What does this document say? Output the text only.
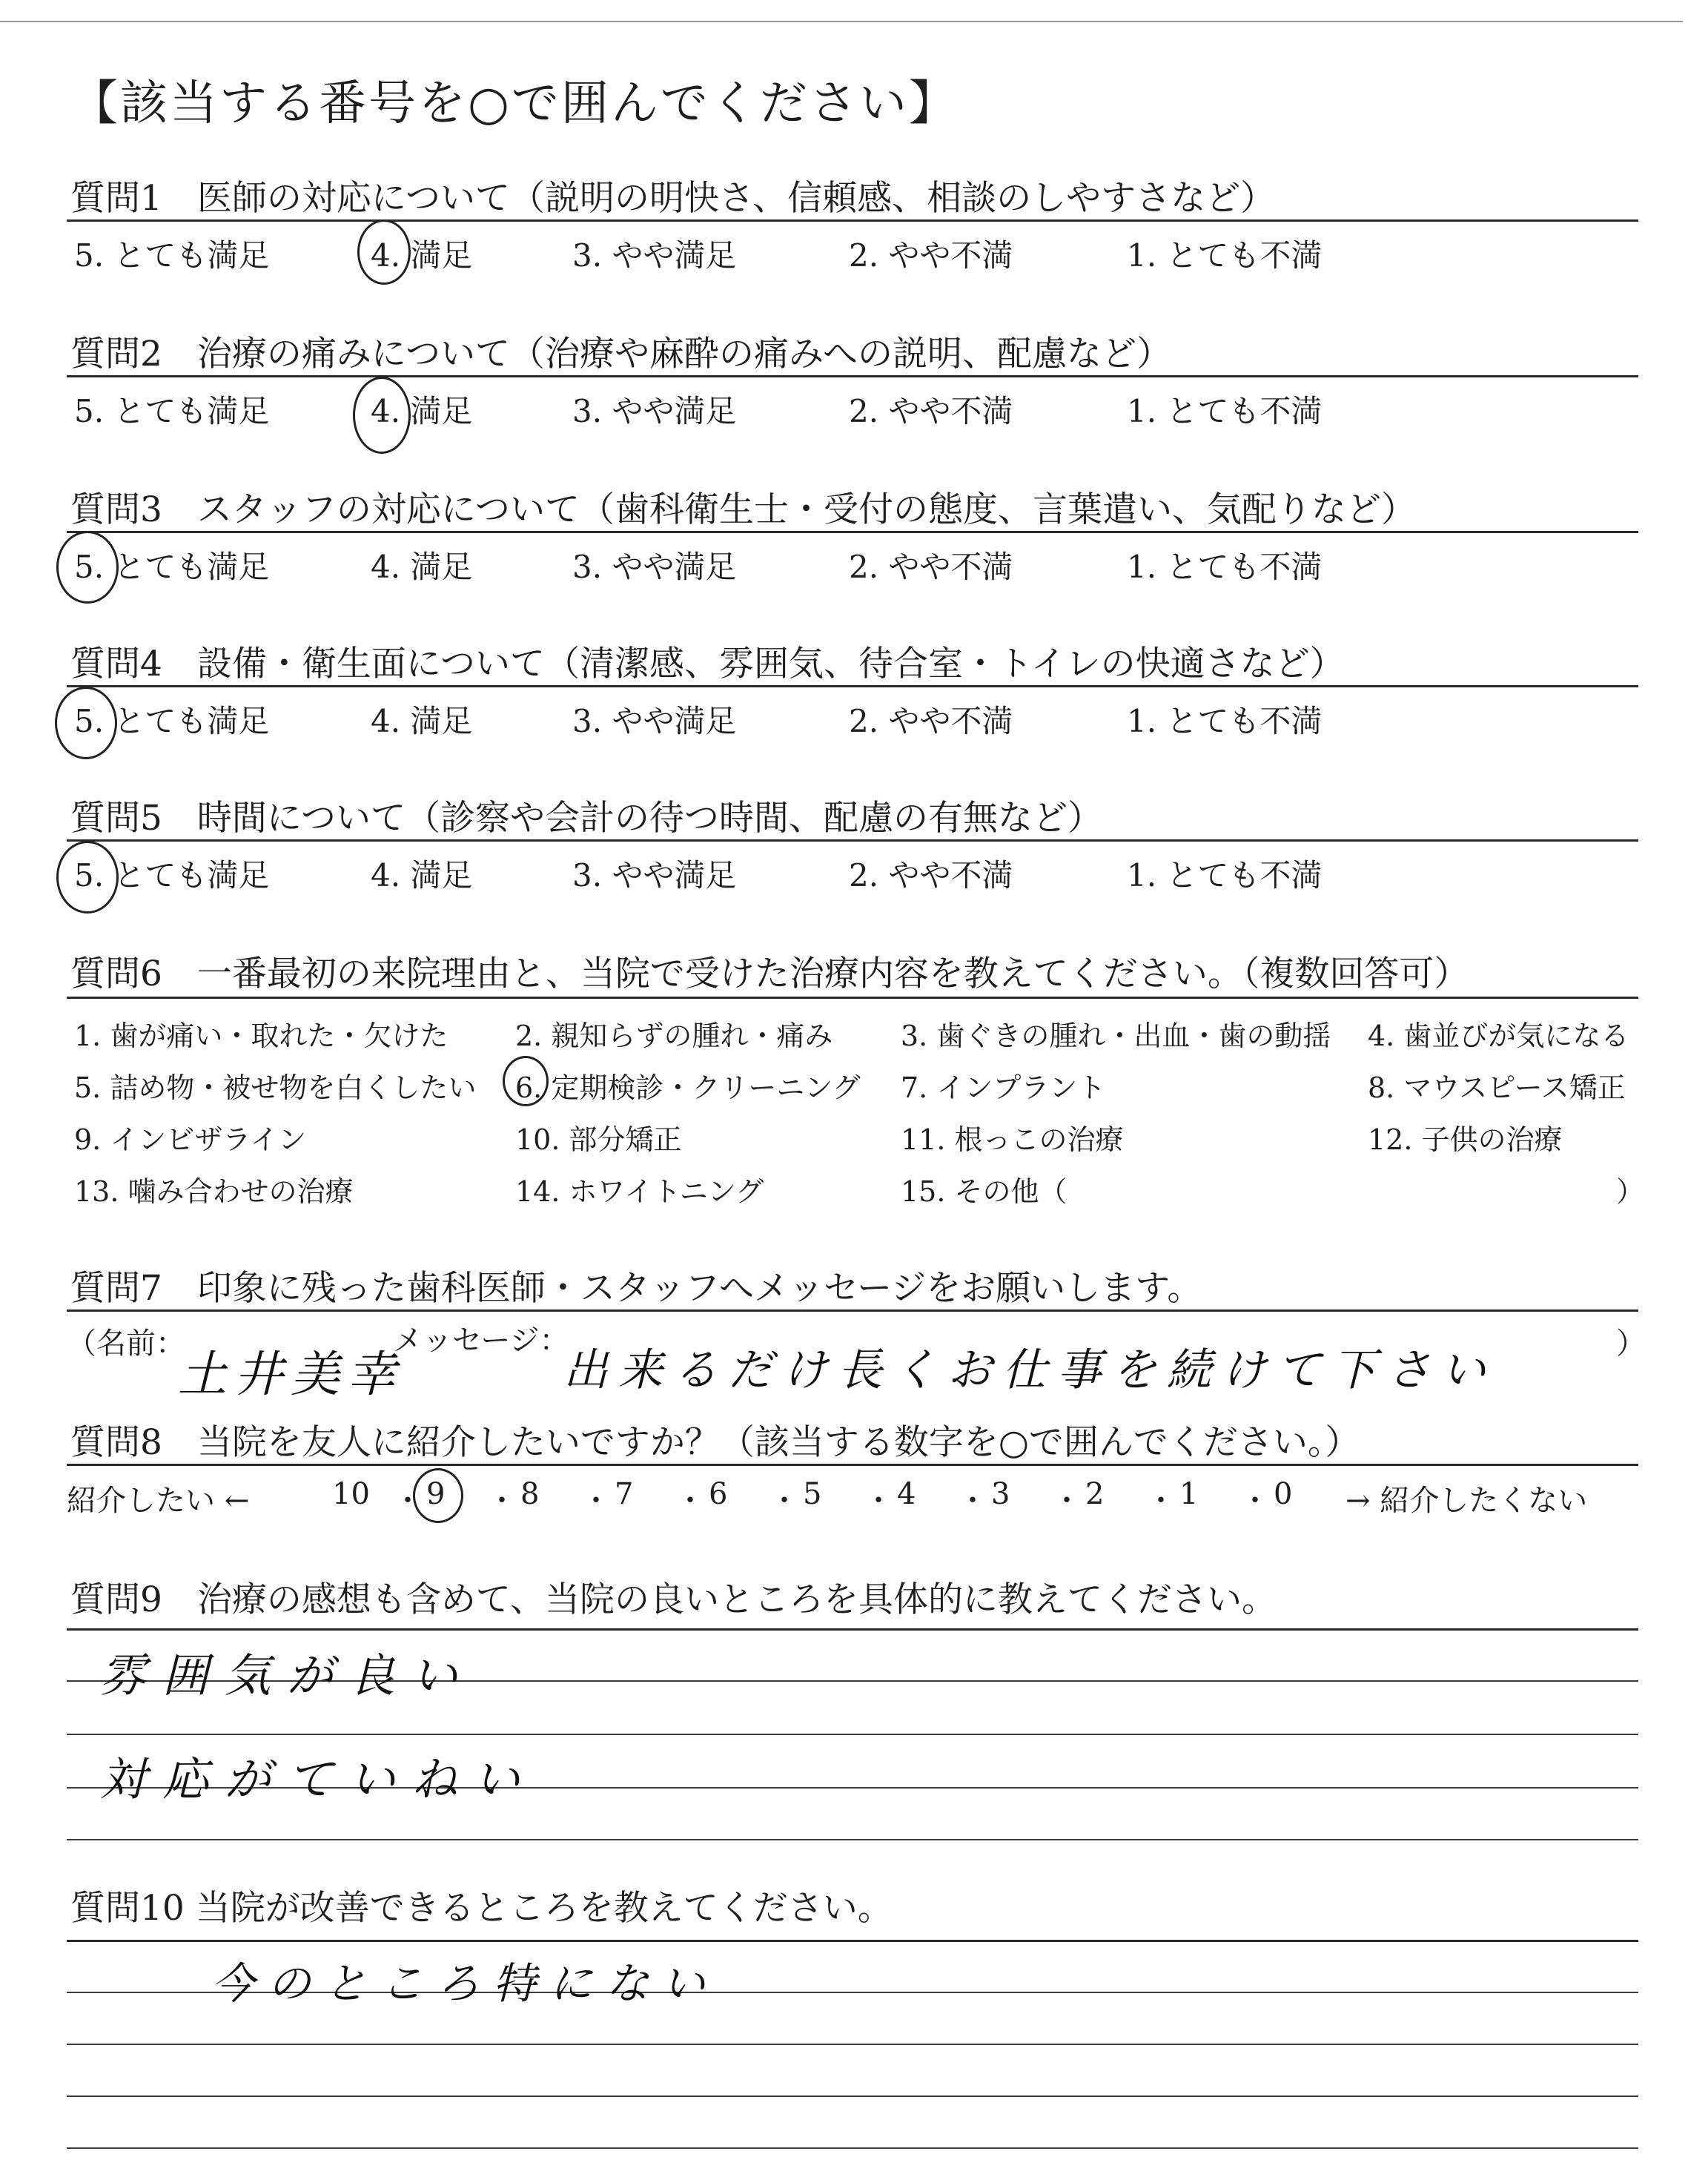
【該当する番号を○で囲んでください】
質問1　医師の対応について（説明の明快さ、信頼感、相談のしやすさなど）
5. とても満足	4. 満足	3. やや満足	2. やや不満	1. とても不満
質問2　治療の痛みについて（治療や麻酔の痛みへの説明、配慮など）
5. とても満足	4. 満足	3. やや満足	2. やや不満	1. とても不満
質問3　スタッフの対応について（歯科衛生士・受付の態度、言葉遣い、気配りなど）
5. とても満足	4. 満足	3. やや満足	2. やや不満	1. とても不満
質問4　設備・衛生面について（清潔感、雰囲気、待合室・トイレの快適さなど）
5. とても満足	4. 満足	3. やや満足	2. やや不満	1. とても不満
質問5　時間について（診察や会計の待つ時間、配慮の有無など）
5. とても満足	4. 満足	3. やや満足	2. やや不満	1. とても不満
質問6　一番最初の来院理由と、当院で受けた治療内容を教えてください。（複数回答可）
1. 歯が痛い・取れた・欠けた 2. 親知らずの腫れ・痛み 3. 歯ぐきの腫れ・出血・歯の動揺 4. 歯並びが気になる
5. 詰め物・被せ物を白くしたい 6. 定期検診・クリーニング 7. インプラント	8. マウスピース矯正
9. インビザライン	10. 部分矯正	11. 根っこの治療	12. 子供の治療
13. 噛み合わせの治療	14. ホワイトニング	15. その他（	）
質問7　印象に残った歯科医師・スタッフへメッセージをお願いします。
（名前：
土井美幸
メッセージ：
出来るだけ長くお仕事を続けて下さい
）
質問8　当院を友人に紹介したいですか？（該当する数字を○で囲んでください。）
紹介したい ←	10 ・ 9 ・ 8 ・ 7 ・ 6 ・ 5 ・ 4 ・ 3 ・ 2 ・ 1 ・ 0 → 紹介したくない
質問9　治療の感想も含めて、当院の良いところを具体的に教えてください。
雰囲気が良い
対応がていねい
質問10 当院が改善できるところを教えてください。
今のところ特にない
